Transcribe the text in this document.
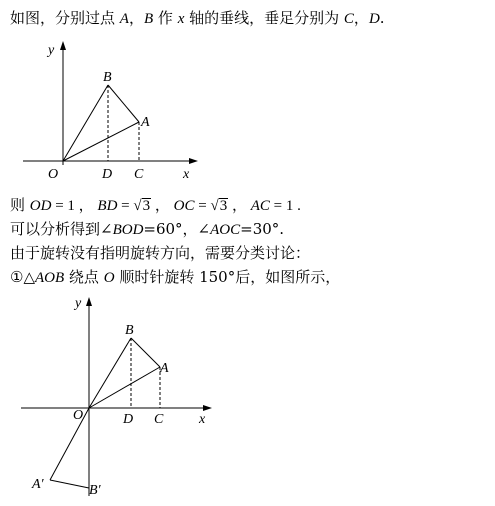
如图，分别过点 A，B 作 x 轴的垂线，垂足分别为 C，D.
y
x
O	D C
A
B
则 OD = 1 ， BD = √3 ， OC = √3 ， AC = 1 .
可以分析得到∠BOD=60°，∠AOC=30°.
由于旋转没有指明旋转方向，需要分类讨论：
①△AOB 绕点 O 顺时针旋转 150°后，如图所示，
y
x
O	D C
A
B
A′	B′
